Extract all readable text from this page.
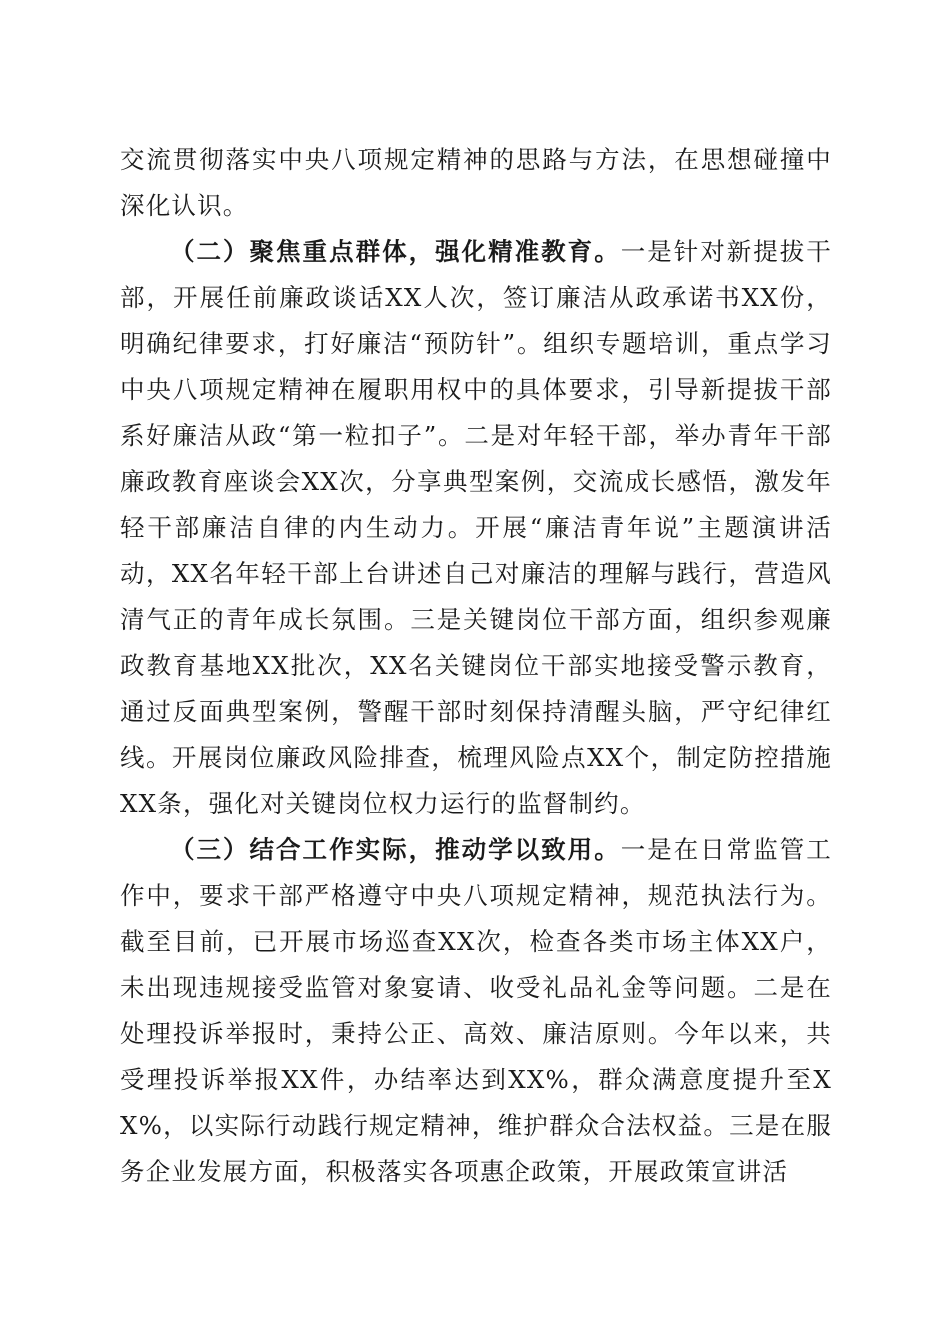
交流贯彻落实中央八项规定精神的思路与方法，在思想碰撞中深化认识。

（二）聚焦重点群体，强化精准教育。一是针对新提拔干部，开展任前廉政谈话XX人次，签订廉洁从政承诺书XX份，明确纪律要求，打好廉洁“预防针”。组织专题培训，重点学习中央八项规定精神在履职用权中的具体要求，引导新提拔干部系好廉洁从政“第一粒扣子”。二是对年轻干部，举办青年干部廉政教育座谈会XX次，分享典型案例，交流成长感悟，激发年轻干部廉洁自律的内生动力。开展“廉洁青年说”主题演讲活动，XX名年轻干部上台讲述自己对廉洁的理解与践行，营造风清气正的青年成长氛围。三是关键岗位干部方面，组织参观廉政教育基地XX批次，XX名关键岗位干部实地接受警示教育，通过反面典型案例，警醒干部时刻保持清醒头脑，严守纪律红线。开展岗位廉政风险排查，梳理风险点XX个，制定防控措施XX条，强化对关键岗位权力运行的监督制约。

（三）结合工作实际，推动学以致用。一是在日常监管工作中，要求干部严格遵守中央八项规定精神，规范执法行为。截至目前，已开展市场巡查XX次，检查各类市场主体XX户，未出现违规接受监管对象宴请、收受礼品礼金等问题。二是在处理投诉举报时，秉持公正、高效、廉洁原则。今年以来，共受理投诉举报XX件，办结率达到XX%，群众满意度提升至XX%，以实际行动践行规定精神，维护群众合法权益。三是在服务企业发展方面，积极落实各项惠企政策，开展政策宣讲活
